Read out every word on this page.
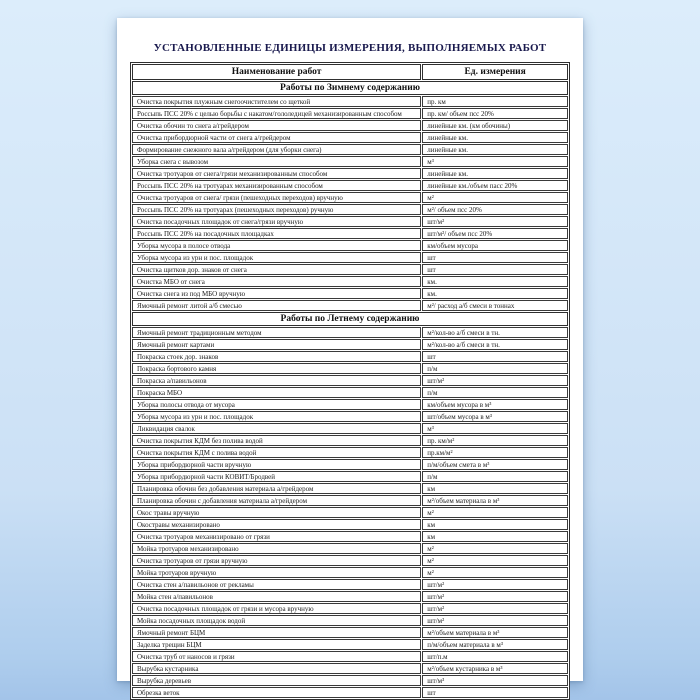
УСТАНОВЛЕННЫЕ ЕДИНИЦЫ ИЗМЕРЕНИЯ, ВЫПОЛНЯЕМЫХ РАБОТ
Наименование работ	Ед. измерения
Работы по Зимнему содержанию	
Очистка покрытия плужным снегоочистителем со щеткой	пр. км
Россыпь ПСС 20% с целью борьбы с накатом/гололедицей механизированным способом	пр. км/ объем псс 20%
Очистка обочин то снега а/грейдером	линейные км. (км обочины)
Очистка прибордюрной части от снега а/грейдером	линейные км.
Формирование снежного вала а/грейдером (для уборки снега)	линейные км.
Уборка снега с вывозом	м³
Очистка тротуаров от снега/грязи механизированным способом	линейные км.
Россыпь ПСС 20% на тротуарах механизированным способом	линейные км./объем пасс 20%
Очистка тротуаров от снега/ грязи (пешеходных переходов) вручную	м²
Россыпь ПСС 20% на тротуарах (пешеходных переходов) ручную	м²/ объем псс 20%
Очистка посадочных площадок от снега/грязи вручную	шт/м²
Россыпь ПСС 20% на посадочных площадках	шт/м²/ объем псс 20%
Уборка мусора в полосе отвода	км/объем мусора
Уборка мусора из урн и пос. площадок	шт
Очистка щитков дор. знаков от снега	шт
Очистка МБО от снега	км.
Очистка снега из под МБО вручную	км.
Ямочный ремонт литой а/б смесью	м²/ расход а/б смеси в тоннах
Работы по Летнему содержанию	
Ямочный ремонт традиционным методом	м²/кол-во а/б смеси в тн.
Ямочный ремонт картами	м²/кол-во а/б смеси в тн.
Покраска стоек дор. знаков	шт
Покраска бортового камня	п/м
Покраска а/павильонов	шт/м²
Покраска МБО	п/м
Уборка полосы отвода от мусора	км/объем мусора в м³
Уборка мусора из урн и пос. площадок	шт/объем мусора в м³
Ликвидация свалок	м³
Очистка покрытия КДМ без полива водой	пр. км/м²
Очистка покрытия КДМ с полива водой	пр.км/м²
Уборка прибордюрной части вручную	п/м/объем смета в м³
Уборка прибордюрной части КОВИТ/Бродвей	п/м
Планировка обочин без добавления материала а/грейдером	км
Планировка обочин с добавления материала а/грейдером	м²/объем материала в м³
Окос травы вручную	м²
Окостравы механизировано	км
Очистка тротуаров механизировано от грязи	км
Мойка тротуаров механизировано	м²
Очистка тротуаров от грязи вручную	м²
Мойка тротуаров вручную	м²
Очистка стен а/павильонов от рекламы	шт/м²
Мойка стен а/павильонов	шт/м²
Очистка посадочных площадок от грязи и мусора вручную	шт/м²
Мойка посадочных площадок водой	шт/м²
Ямочный ремонт БЦМ	м²/объем материала в м³
Заделка трещин БЦМ	п/м/объем материала в м³
Очистка труб от наносов и грязи	шт/п.м
Вырубка кустарника	м²/объем кустарника в м³
Вырубка деревьев	шт/м³
Обрезка веток	шт
